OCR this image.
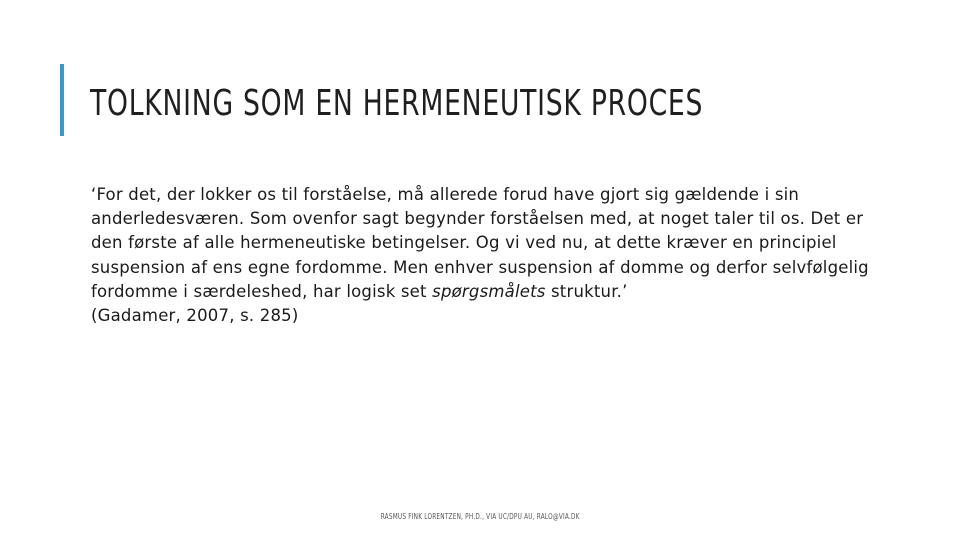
TOLKNING SOM EN HERMENEUTISK PROCES

‘For det, der lokker os til forståelse, må allerede forud have gjort sig gældende i sin anderledesværen. Som ovenfor sagt begynder forståelsen med, at noget taler til os. Det er den første af alle hermeneutiske betingelser. Og vi ved nu, at dette kræver en principiel suspension af ens egne fordomme. Men enhver suspension af domme og derfor selvfølgelig fordomme i særdeleshed, har logisk set spørgsmålets struktur.’
(Gadamer, 2007, s. 285)

RASMUS FINK LORENTZEN, PH.D., VIA UC/DPU AU, RALO@VIA.DK
